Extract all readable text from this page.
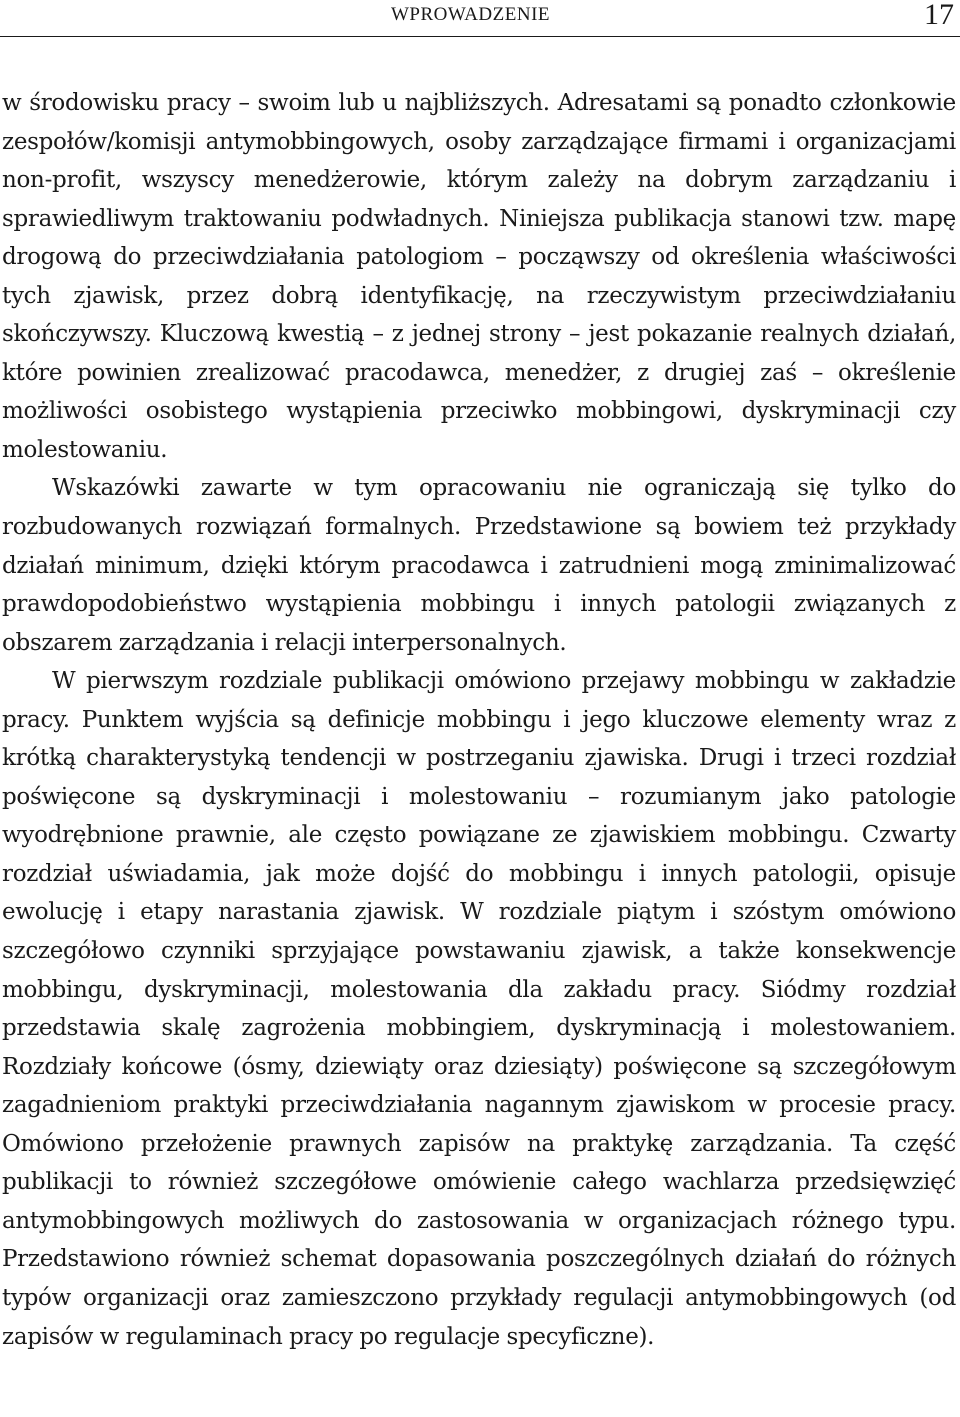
WPROWADZENIE	17

w środowisku pracy – swoim lub u najbliższych. Adresatami są ponadto członkowie zespołów/komisji antymobbingowych, osoby zarządzające firmami i organizacjami non-profit, wszyscy menedżerowie, którym zależy na dobrym zarządzaniu i sprawiedliwym traktowaniu podwładnych. Niniejsza publikacja stanowi tzw. mapę drogową do przeciwdziałania patologiom – począwszy od określenia właściwości tych zjawisk, przez dobrą identyfikację, na rzeczywistym przeciwdziałaniu skończywszy. Kluczową kwestią – z jednej strony – jest pokazanie realnych działań, które powinien zrealizować pracodawca, menedżer, z drugiej zaś – określenie możliwości osobistego wystąpienia przeciwko mobbingowi, dyskryminacji czy molestowaniu.

Wskazówki zawarte w tym opracowaniu nie ograniczają się tylko do rozbudowanych rozwiązań formalnych. Przedstawione są bowiem też przykłady działań minimum, dzięki którym pracodawca i zatrudnieni mogą zminimalizować prawdopodobieństwo wystąpienia mobbingu i innych patologii związanych z obszarem zarządzania i relacji interpersonalnych.

W pierwszym rozdziale publikacji omówiono przejawy mobbingu w zakładzie pracy. Punktem wyjścia są definicje mobbingu i jego kluczowe elementy wraz z krótką charakterystyką tendencji w postrzeganiu zjawiska. Drugi i trzeci rozdział poświęcone są dyskryminacji i molestowaniu – rozumianym jako patologie wyodrębnione prawnie, ale często powiązane ze zjawiskiem mobbingu. Czwarty rozdział uświadamia, jak może dojść do mobbingu i innych patologii, opisuje ewolucję i etapy narastania zjawisk. W rozdziale piątym i szóstym omówiono szczegółowo czynniki sprzyjające powstawaniu zjawisk, a także konsekwencje mobbingu, dyskryminacji, molestowania dla zakładu pracy. Siódmy rozdział przedstawia skalę zagrożenia mobbingiem, dyskryminacją i molestowaniem. Rozdziały końcowe (ósmy, dziewiąty oraz dziesiąty) poświęcone są szczegółowym zagadnieniom praktyki przeciwdziałania nagannym zjawiskom w procesie pracy. Omówiono przełożenie prawnych zapisów na praktykę zarządzania. Ta część publikacji to również szczegółowe omówienie całego wachlarza przedsięwzięć antymobbingowych możliwych do zastosowania w organizacjach różnego typu. Przedstawiono również schemat dopasowania poszczególnych działań do różnych typów organizacji oraz zamieszczono przykłady regulacji antymobbingowych (od zapisów w regulaminach pracy po regulacje specyficzne).
